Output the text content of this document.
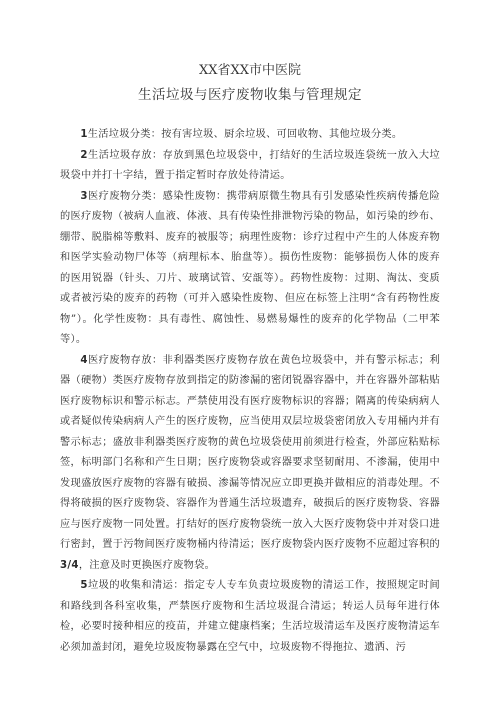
XX省XX市中医院
生活垃圾与医疗废物收集与管理规定

1生活垃圾分类：按有害垃圾、厨余垃圾、可回收物、其他垃圾分类。

2生活垃圾存放：存放到黑色垃圾袋中，打结好的生活垃圾连袋统一放入大垃圾袋中并打十字结，置于指定暂时存放处待清运。

3医疗废物分类：感染性废物：携带病原微生物具有引发感染性疾病传播危险的医疗废物（被病人血液、体液、具有传染性排泄物污染的物品，如污染的纱布、绷带、脱脂棉等敷料、废弃的被服等；病理性废物：诊疗过程中产生的人体废弃物和医学实验动物尸体等（病理标本、胎盘等）。损伤性废物：能够损伤人体的废弃的医用锐器（针头、刀片、玻璃试管、安瓿等）。药物性废物：过期、淘汰、变质或者被污染的废弃的药物（可并入感染性废物、但应在标签上注明“含有药物性废物”）。化学性废物：具有毒性、腐蚀性、易燃易爆性的废弃的化学物品（二甲苯等）。

4医疗废物存放：非利器类医疗废物存放在黄色垃圾袋中，并有警示标志；利器（硬物）类医疗废物存放到指定的防渗漏的密闭锐器容器中，并在容器外部粘贴医疗废物标识和警示标志。严禁使用没有医疗废物标识的容器；隔离的传染病病人或者疑似传染病病人产生的医疗废物，应当使用双层垃圾袋密闭放入专用桶内并有警示标志；盛放非利器类医疗废物的黄色垃圾袋使用前须进行检查，外部应粘贴标签，标明部门名称和产生日期；医疗废物袋或容器要求坚韧耐用、不渗漏，使用中发现盛放医疗废物的容器有破损、渗漏等情况应立即更换并做相应的消毒处理。不得将破损的医疗废物袋、容器作为普通生活垃圾遗弃，破损后的医疗废物袋、容器应与医疗废物一同处置。打结好的医疗废物袋统一放入大医疗废物袋中并对袋口进行密封，置于污物间医疗废物桶内待清运；医疗废物袋内医疗废物不应超过容积的3/4，注意及时更换医疗废物袋。

5垃圾的收集和清运：指定专人专车负责垃圾废物的清运工作，按照规定时间和路线到各科室收集，严禁医疗废物和生活垃圾混合清运；转运人员每年进行体检，必要时接种相应的疫苗，并建立健康档案；生活垃圾清运车及医疗废物清运车必须加盖封闭，避免垃圾废物暴露在空气中，垃圾废物不得拖拉、遗洒、污
